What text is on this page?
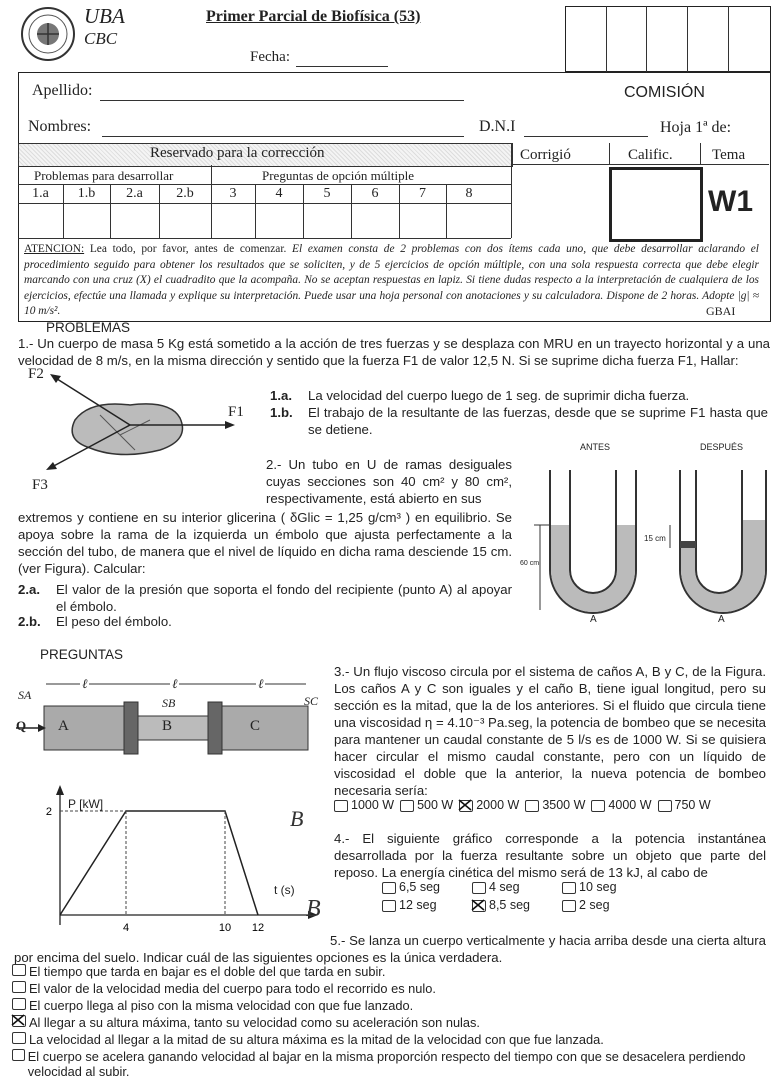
UBA
CBC
Primer Parcial de Biofísica (53)
Fecha:
Apellido:	COMISIÓN
Nombres:	D.N.I	Hoja 1ª de:
Reservado para la corrección	Corrigió	Calific.	Tema
W1
Problemas para desarrollar	Preguntas de opción múltiple
1.a	1.b	2.a	2.b	3	4	5	6	7	8
ATENCION: Lea todo, por favor, antes de comenzar. El examen consta de 2 problemas con dos ítems cada uno, que debe desarrollar aclarando el procedimiento seguido para obtener los resultados que se soliciten, y de 5 ejercicios de opción múltiple, con una sola respuesta correcta que debe elegir marcando con una cruz (X) el cuadradito que la acompaña. No se aceptan respuestas en lapiz. Si tiene dudas respecto a la interpretación de cualquiera de los ejercicios, efectúe una llamada y explique su interpretación. Puede usar una hoja personal con anotaciones y su calculadora. Dispone de 2 horas. Adopte |g| ≈ 10 m/s².	GBAI
PROBLEMAS
1.- Un cuerpo de masa 5 Kg está sometido a la acción de tres fuerzas y se desplaza con MRU en un trayecto horizontal y a una velocidad de 8 m/s, en la misma dirección y sentido que la fuerza F1 de valor 12,5 N. Si se suprime dicha fuerza F1, Hallar:
F2
F1
F3
1.a. La velocidad del cuerpo luego de 1 seg. de suprimir dicha fuerza.
1.b. El trabajo de la resultante de las fuerzas, desde que se suprime F1 hasta que se detiene.
2.- Un tubo en U de ramas desiguales cuyas secciones son 40 cm² y 80 cm², respectivamente, está abierto en sus
extremos y contiene en su interior glicerina ( δGlic = 1,25 g/cm³ ) en equilibrio. Se apoya sobre la rama de la izquierda un émbolo que ajusta perfectamente a la sección del tubo, de manera que el nivel de líquido en dicha rama desciende 15 cm. (ver Figura). Calcular:
2.a. El valor de la presión que soporta el fondo del recipiente (punto A) al apoyar el émbolo.
2.b. El peso del émbolo.
ANTES	DESPUÉS
15 cm
60 cm
A	A
PREGUNTAS
Q A	B	C
SA
SB	SC
ℓ	ℓ	ℓ
3.- Un flujo viscoso circula por el sistema de caños A, B y C, de la Figura. Los caños A y C son iguales y el caño B, tiene igual longitud, pero su sección es la mitad, que la de los anteriores. Si el fluido que circula tiene una viscosidad η = 4.10⁻³ Pa.seg, la potencia de bombeo que se necesita para mantener un caudal constante de 5 l/s es de 1000 W. Si se quisiera hacer circular el mismo caudal constante, pero con un líquido de viscosidad el doble que la anterior, la nueva potencia de bombeo necesaria sería:
1000 W 500 W 2000 W 3500 W 4000 W 750 W
4	10 12
2
P [kW]
t (s)
B
B
4.- El siguiente gráfico corresponde a la potencia instantánea desarrollada por la fuerza resultante sobre un objeto que parte del reposo. La energía cinética del mismo será de 13 kJ, al cabo de
6,5 seg	4 seg	10 seg
12 seg	8,5 seg	2 seg
5.- Se lanza un cuerpo verticalmente y hacia arriba desde una cierta altura por encima del suelo. Indicar cuál de las siguientes opciones es la única verdadera.
El tiempo que tarda en bajar es el doble del que tarda en subir.
El valor de la velocidad media del cuerpo para todo el recorrido es nulo.
El cuerpo llega al piso con la misma velocidad con que fue lanzado.
Al llegar a su altura máxima, tanto su velocidad como su aceleración son nulas.
La velocidad al llegar a la mitad de su altura máxima es la mitad de la velocidad con que fue lanzada.
El cuerpo se acelera ganando velocidad al bajar en la misma proporción respecto del tiempo con que se desacelera perdiendo velocidad al subir.
